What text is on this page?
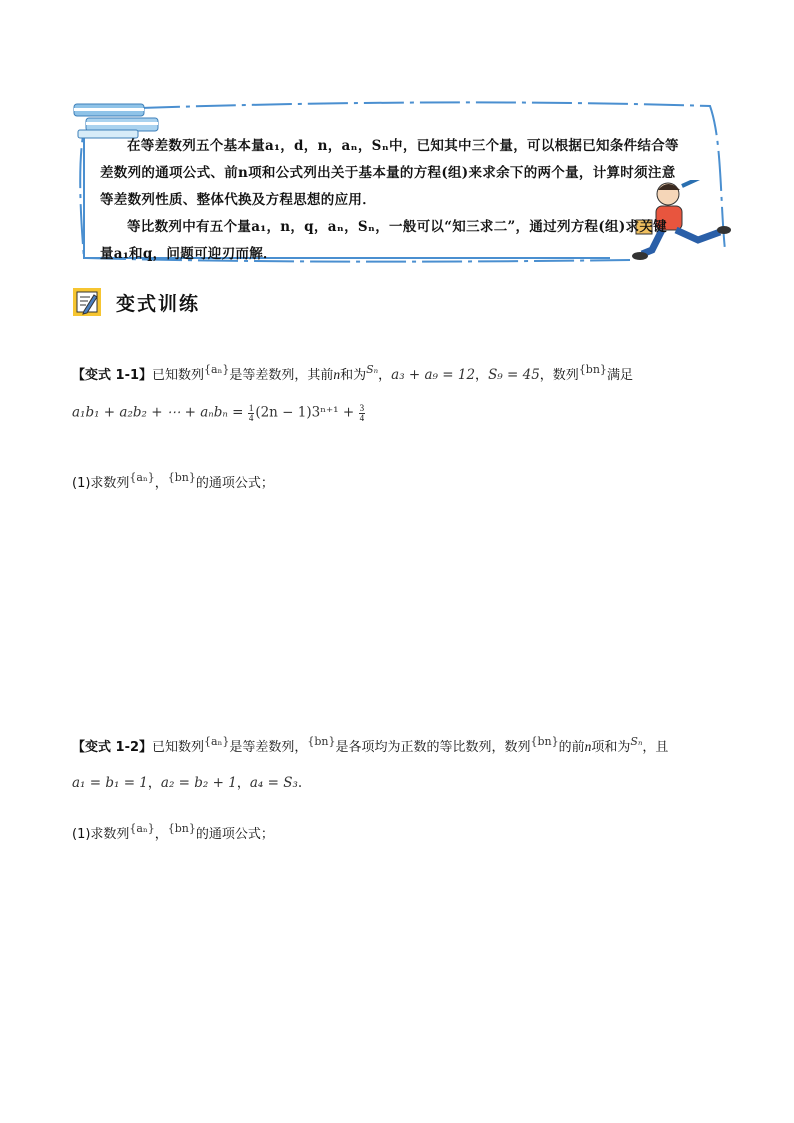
在等差数列五个基本量a₁，d，n，aₙ，Sₙ中，已知其中三个量，可以根据已知条件结合等差数列的通项公式、前n项和公式列出关于基本量的方程(组)来求余下的两个量，计算时须注意等差数列性质、整体代换及方程思想的应用．

等比数列中有五个量a₁，n，q，aₙ，Sₙ，一般可以“知三求二”，通过列方程(组)求关键量a₁和q，问题可迎刃而解．

变式训练
【变式 1-1】已知数列$^{\{a_n\}}$是等差数列，其前n和为$^{S_n}$，a₃ + a₉ = 12，S₉ = 45，数列$^{\{bn\}}$满足
a₁b₁ + a₂b₂ + ⋯ + $a_nb_n = \frac{1}{4} (2n - 1)3^{n+1} + \frac{3}{4}$
(1)求数列$^{\{a_n\}}$，$^{\{bn\}}$的通项公式；
【变式 1-2】已知数列$^{\{a_n\}}$是等差数列，$^{\{bn\}}$是各项均为正数的等比数列，数列$^{\{bn\}}$的前n项和为$^{S_n}$，且
a₁ = b₁ = 1，a₂ = b₂ + 1，a₄ = S₃.
(1)求数列$^{\{a_n\}}$，$^{\{bn\}}$的通项公式；
